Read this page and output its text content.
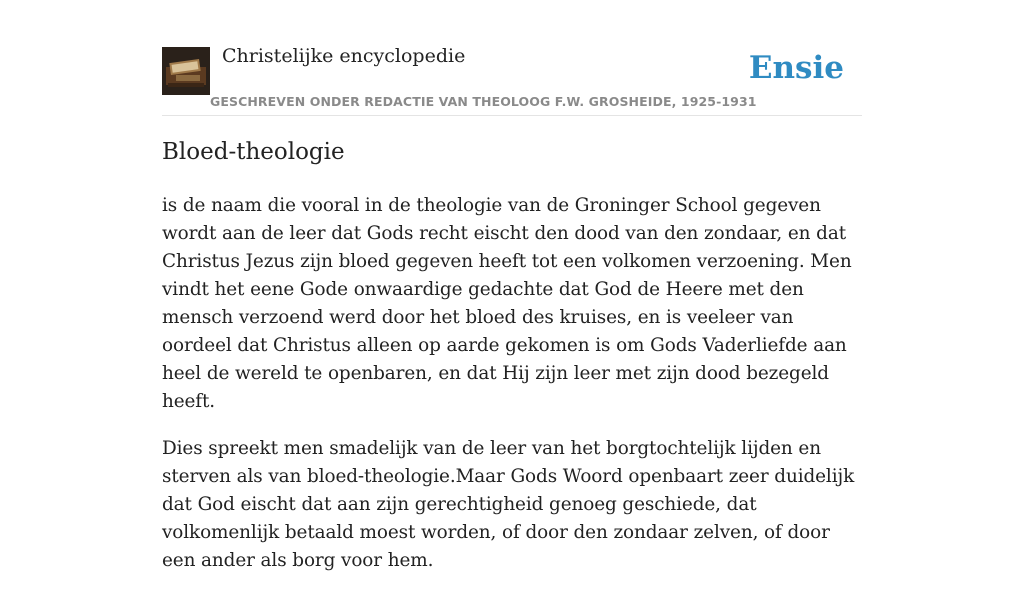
Christelijke encyclopedie
GESCHREVEN ONDER REDACTIE VAN THEOLOOG F.W. GROSHEIDE, 1925-1931
Ensie
Bloed-theologie

is de naam die vooral in de theologie van de Groninger School gegeven wordt aan de leer dat Gods recht eischt den dood van den zondaar, en dat Christus Jezus zijn bloed gegeven heeft tot een volkomen verzoening. Men vindt het eene Gode onwaardige gedachte dat God de Heere met den mensch verzoend werd door het bloed des kruises, en is veeleer van oordeel dat Christus alleen op aarde gekomen is om Gods Vaderliefde aan heel de wereld te openbaren, en dat Hij zijn leer met zijn dood bezegeld heeft.

Dies spreekt men smadelijk van de leer van het borgtochtelijk lijden en sterven als van bloed-theologie.Maar Gods Woord openbaart zeer duidelijk dat God eischt dat aan zijn gerechtigheid genoeg geschiede, dat volkomenlijk betaald moest worden, of door den zondaar zelven, of door een ander als borg voor hem.
